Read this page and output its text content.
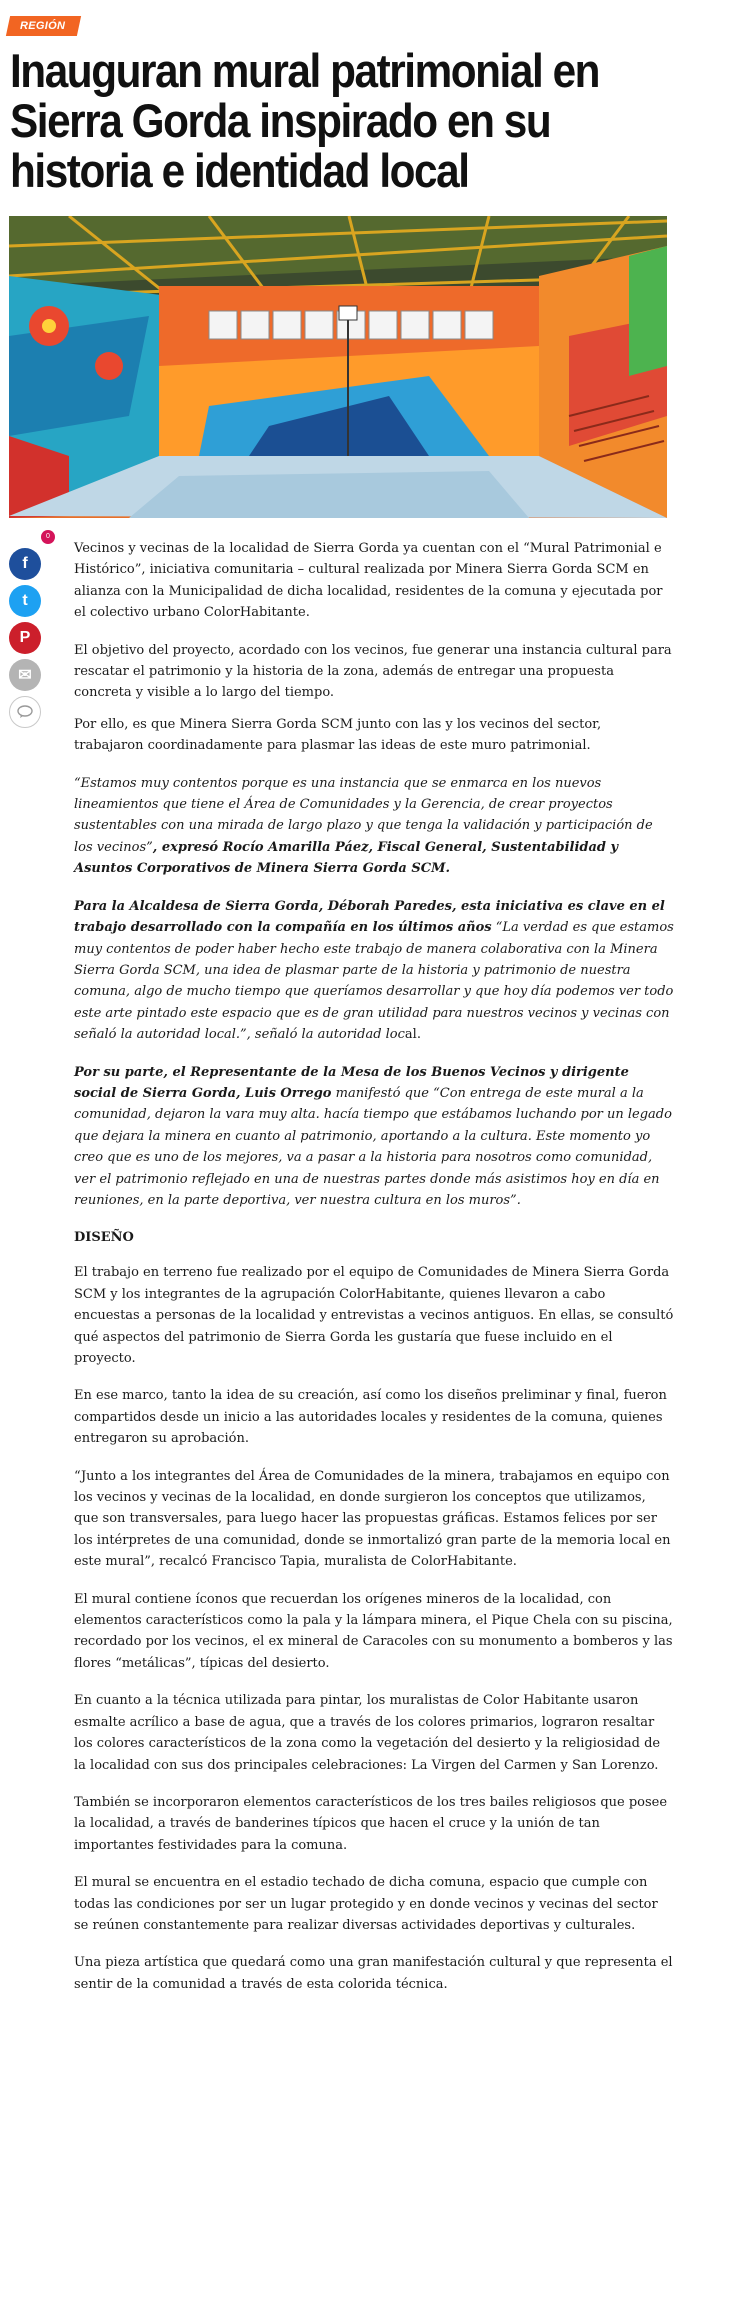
REGIÓN
Inauguran mural patrimonial en Sierra Gorda inspirado en su historia e identidad local
0
f
t
P
✉

Vecinos y vecinas de la localidad de Sierra Gorda ya cuentan con el “Mural Patrimonial e Histórico”, iniciativa comunitaria – cultural realizada por Minera Sierra Gorda SCM en alianza con la Municipalidad de dicha localidad, residentes de la comuna y ejecutada por el colectivo urbano ColorHabitante.

El objetivo del proyecto, acordado con los vecinos, fue generar una instancia cultural para rescatar el patrimonio y la historia de la zona, además de entregar una propuesta concreta y visible a lo largo del tiempo.

Por ello, es que Minera Sierra Gorda SCM junto con las y los vecinos del sector, trabajaron coordinadamente para plasmar las ideas de este muro patrimonial.

“Estamos muy contentos porque es una instancia que se enmarca en los nuevos lineamientos que tiene el Área de Comunidades y la Gerencia, de crear proyectos sustentables con una mirada de largo plazo y que tenga la validación y participación de los vecinos”, expresó Rocío Amarilla Páez, Fiscal General, Sustentabilidad y Asuntos Corporativos de Minera Sierra Gorda SCM.

Para la Alcaldesa de Sierra Gorda, Déborah Paredes, esta iniciativa es clave en el trabajo desarrollado con la compañía en los últimos años “La verdad es que estamos muy contentos de poder haber hecho este trabajo de manera colaborativa con la Minera Sierra Gorda SCM, una idea de plasmar parte de la historia y patrimonio de nuestra comuna, algo de mucho tiempo que queríamos desarrollar y que hoy día podemos ver todo este arte pintado este espacio que es de gran utilidad para nuestros vecinos y vecinas con señaló la autoridad local.”, señaló la autoridad local.

Por su parte, el Representante de la Mesa de los Buenos Vecinos y dirigente social de Sierra Gorda, Luis Orrego manifestó que “Con entrega de este mural a la comunidad, dejaron la vara muy alta. hacía tiempo que estábamos luchando por un legado que dejara la minera en cuanto al patrimonio, aportando a la cultura. Este momento yo creo que es uno de los mejores, va a pasar a la historia para nosotros como comunidad, ver el patrimonio reflejado en una de nuestras partes donde más asistimos hoy en día en reuniones, en la parte deportiva, ver nuestra cultura en los muros”.

DISEÑO

El trabajo en terreno fue realizado por el equipo de Comunidades de Minera Sierra Gorda SCM y los integrantes de la agrupación ColorHabitante, quienes llevaron a cabo encuestas a personas de la localidad y entrevistas a vecinos antiguos. En ellas, se consultó qué aspectos del patrimonio de Sierra Gorda les gustaría que fuese incluido en el proyecto.

En ese marco, tanto la idea de su creación, así como los diseños preliminar y final, fueron compartidos desde un inicio a las autoridades locales y residentes de la comuna, quienes entregaron su aprobación.

“Junto a los integrantes del Área de Comunidades de la minera, trabajamos en equipo con los vecinos y vecinas de la localidad, en donde surgieron los conceptos que utilizamos, que son transversales, para luego hacer las propuestas gráficas. Estamos felices por ser los intérpretes de una comunidad, donde se inmortalizó gran parte de la memoria local en este mural”, recalcó Francisco Tapia, muralista de ColorHabitante.

El mural contiene íconos que recuerdan los orígenes mineros de la localidad, con elementos característicos como la pala y la lámpara minera, el Pique Chela con su piscina, recordado por los vecinos, el ex mineral de Caracoles con su monumento a bomberos y las flores “metálicas”, típicas del desierto.

En cuanto a la técnica utilizada para pintar, los muralistas de Color Habitante usaron esmalte acrílico a base de agua, que a través de los colores primarios, lograron resaltar los colores característicos de la zona como la vegetación del desierto y la religiosidad de la localidad con sus dos principales celebraciones: La Virgen del Carmen y San Lorenzo.

También se incorporaron elementos característicos de los tres bailes religiosos que posee la localidad, a través de banderines típicos que hacen el cruce y la unión de tan importantes festividades para la comuna.

El mural se encuentra en el estadio techado de dicha comuna, espacio que cumple con todas las condiciones por ser un lugar protegido y en donde vecinos y vecinas del sector se reúnen constantemente para realizar diversas actividades deportivas y culturales.

Una pieza artística que quedará como una gran manifestación cultural y que representa el sentir de la comunidad a través de esta colorida técnica.
